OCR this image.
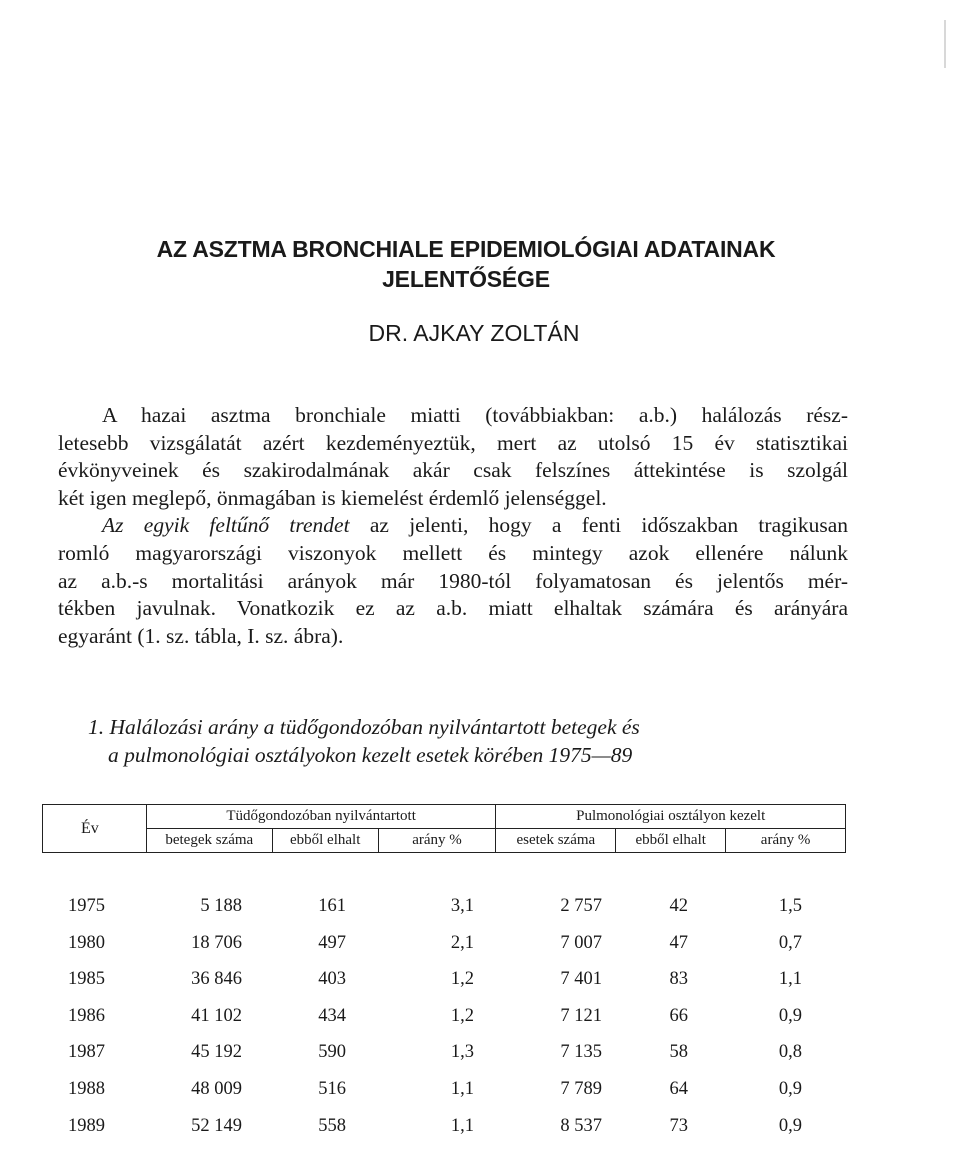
AZ ASZTMA BRONCHIALE EPIDEMIOLÓGIAI ADATAINAK
JELENTŐSÉGE
DR. AJKAY ZOLTÁN
A hazai asztma bronchiale miatti (továbbiakban: a.b.) halálozás rész-
letesebb vizsgálatát azért kezdeményeztük, mert az utolsó 15 év statisztikai
évkönyveinek és szakirodalmának akár csak felszínes áttekintése is szolgál
két igen meglepő, önmagában is kiemelést érdemlő jelenséggel.
Az egyik feltűnő trendet az jelenti, hogy a fenti időszakban tragikusan
romló magyarországi viszonyok mellett és mintegy azok ellenére nálunk
az a.b.-s mortalitási arányok már 1980-tól folyamatosan és jelentős mér-
tékben javulnak. Vonatkozik ez az a.b. miatt elhaltak számára és arányára
egyaránt (1. sz. tábla, I. sz. ábra).
1. Halálozási arány a tüdőgondozóban nyilvántartott betegek és
a pulmonológiai osztályokon kezelt esetek körében 1975—89
Év	Tüdőgondozóban nyilvántartott			Pulmonológiai osztályon kezelt		
	betegek száma	ebből elhalt	arány %	esetek száma	ebből elhalt	arány %
1975	5 188	161	3,1	2 757	42	1,5
1980	18 706	497	2,1	7 007	47	0,7
1985	36 846	403	1,2	7 401	83	1,1
1986	41 102	434	1,2	7 121	66	0,9
1987	45 192	590	1,3	7 135	58	0,8
1988	48 009	516	1,1	7 789	64	0,9
1989	52 149	558	1,1	8 537	73	0,9
